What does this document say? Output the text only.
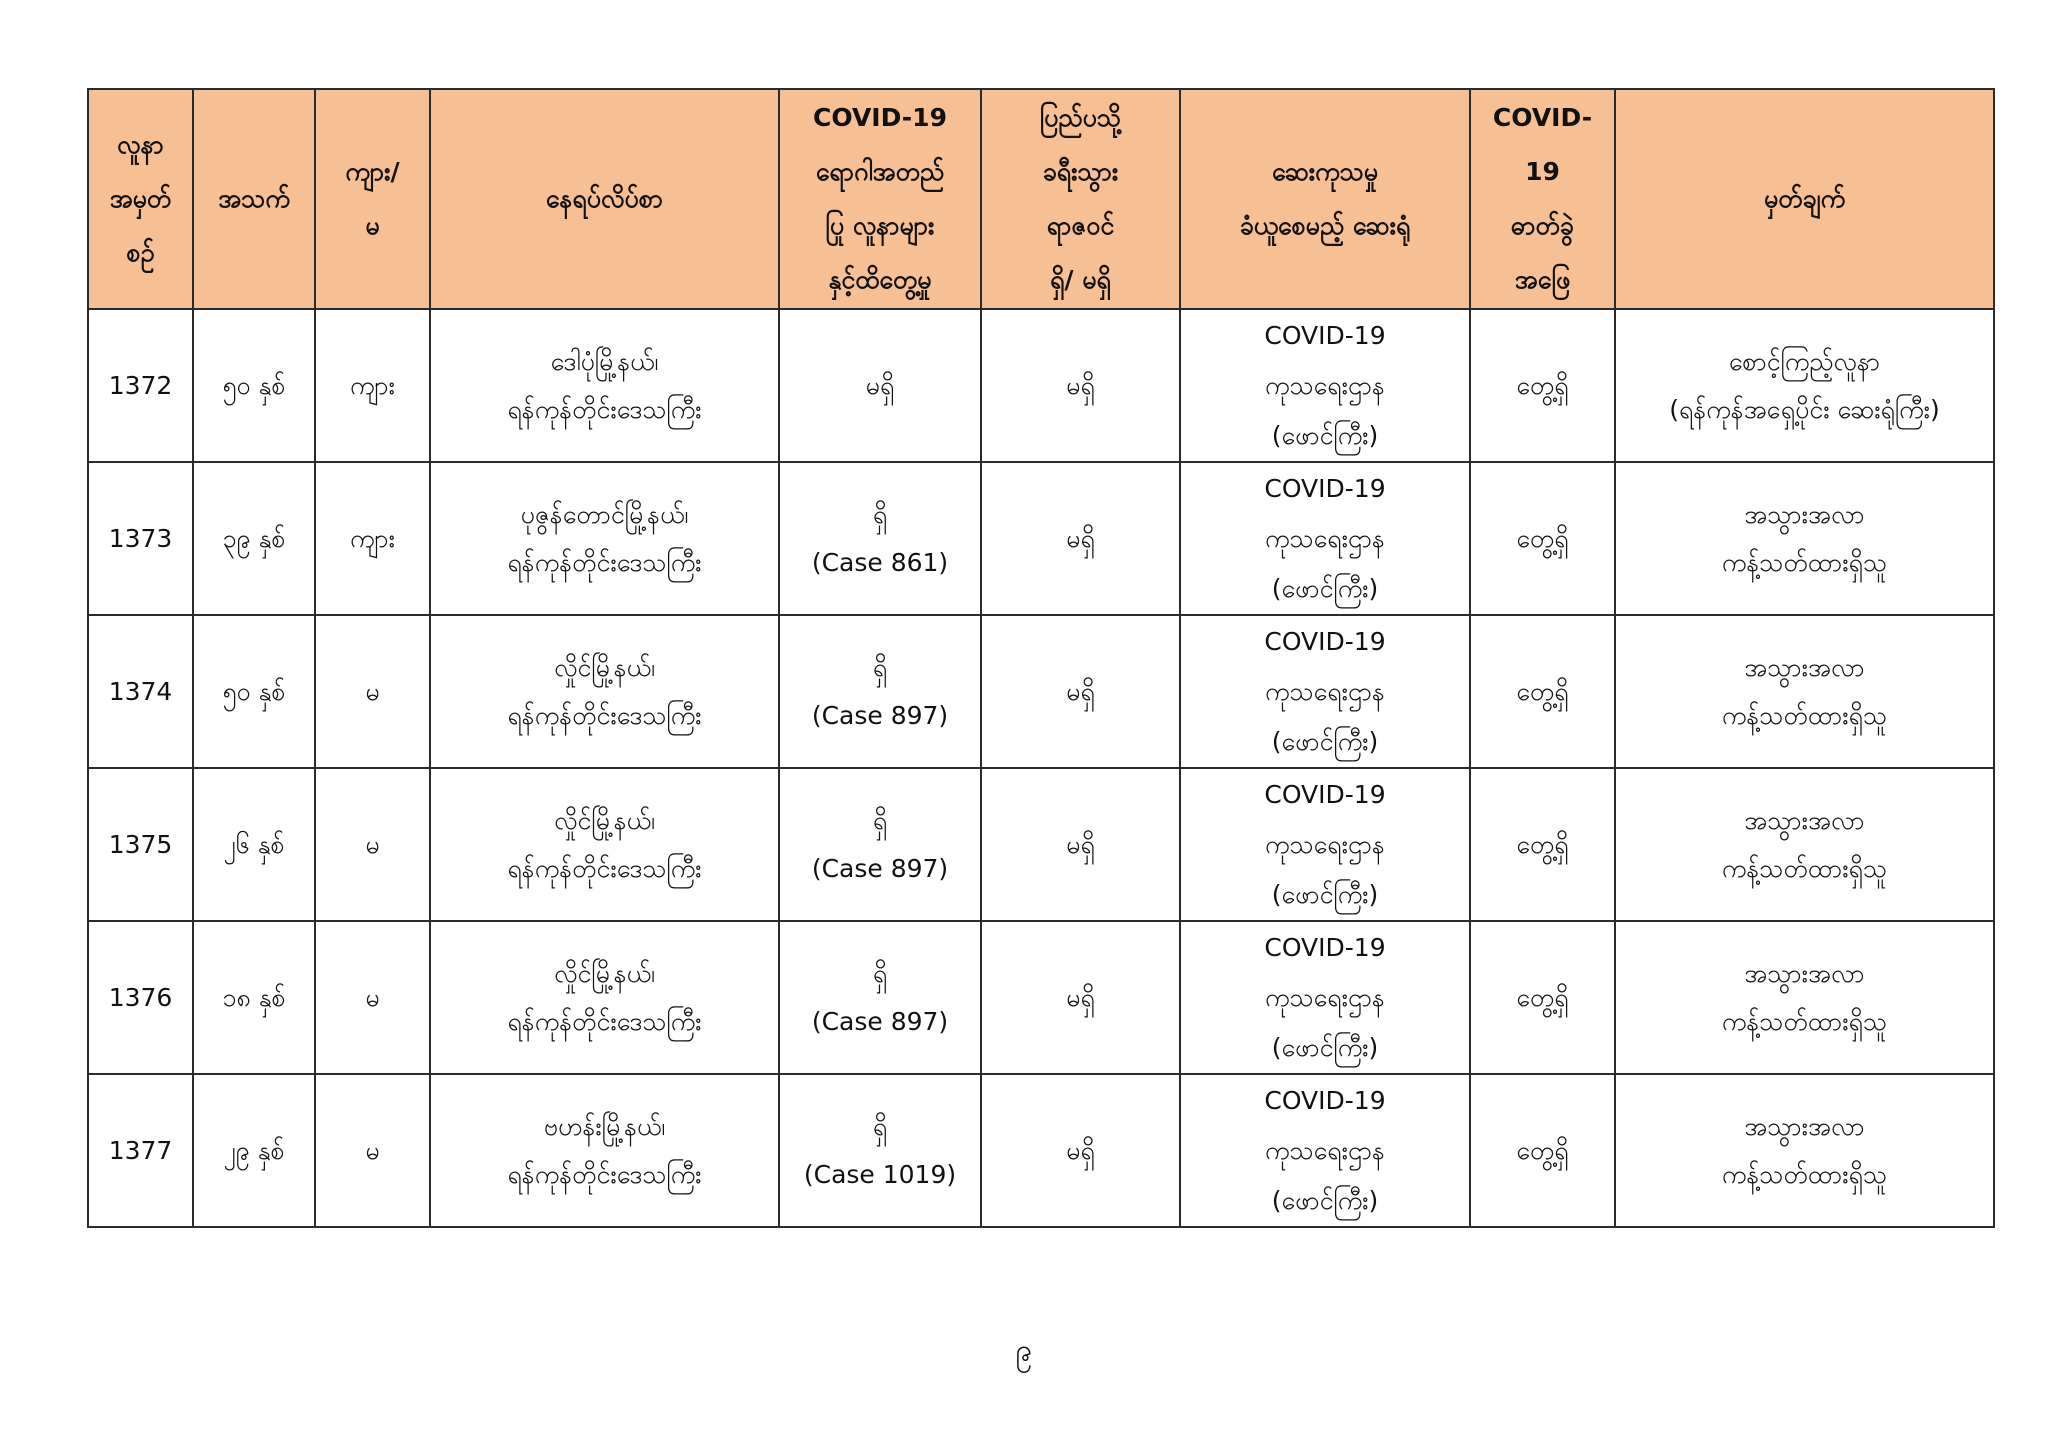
လူနာ
အမှတ်
စဉ်	အသက်	ကျား/
မ	နေရပ်လိပ်စာ	COVID-19
ရောဂါအတည်
ပြု လူနာများ
နှင့်ထိတွေ့မှု	ပြည်ပသို့
ခရီးသွား
ရာဇဝင်
ရှိ/ မရှိ	ဆေးကုသမှု
ခံယူစေမည့် ဆေးရုံ	COVID-
19
ဓာတ်ခွဲ
အဖြေ	မှတ်ချက်

1372	၅၀ နှစ်	ကျား	ဒေါပုံမြို့နယ်၊
ရန်ကုန်တိုင်းဒေသကြီး	မရှိ	မရှိ	COVID-19
ကုသရေးဌာန
(ဖောင်ကြီး)	တွေ့ရှိ	စောင့်ကြည့်လူနာ
(ရန်ကုန်အရှေ့ပိုင်း ဆေးရုံကြီး)

1373	၃၉ နှစ်	ကျား	ပုဇွန်တောင်မြို့နယ်၊
ရန်ကုန်တိုင်းဒေသကြီး	ရှိ
(Case 861)	မရှိ	COVID-19
ကုသရေးဌာန
(ဖောင်ကြီး)	တွေ့ရှိ	အသွားအလာ
ကန့်သတ်ထားရှိသူ

1374	၅၀ နှစ်	မ	လှိုင်မြို့နယ်၊
ရန်ကုန်တိုင်းဒေသကြီး	ရှိ
(Case 897)	မရှိ	COVID-19
ကုသရေးဌာန
(ဖောင်ကြီး)	တွေ့ရှိ	အသွားအလာ
ကန့်သတ်ထားရှိသူ

1375	၂၆ နှစ်	မ	လှိုင်မြို့နယ်၊
ရန်ကုန်တိုင်းဒေသကြီး	ရှိ
(Case 897)	မရှိ	COVID-19
ကုသရေးဌာန
(ဖောင်ကြီး)	တွေ့ရှိ	အသွားအလာ
ကန့်သတ်ထားရှိသူ

1376	၁၈ နှစ်	မ	လှိုင်မြို့နယ်၊
ရန်ကုန်တိုင်းဒေသကြီး	ရှိ
(Case 897)	မရှိ	COVID-19
ကုသရေးဌာန
(ဖောင်ကြီး)	တွေ့ရှိ	အသွားအလာ
ကန့်သတ်ထားရှိသူ

1377	၂၉ နှစ်	မ	ဗဟန်းမြို့နယ်၊
ရန်ကုန်တိုင်းဒေသကြီး	ရှိ
(Case 1019)	မရှိ	COVID-19
ကုသရေးဌာန
(ဖောင်ကြီး)	တွေ့ရှိ	အသွားအလာ
ကန့်သတ်ထားရှိသူ
၉
